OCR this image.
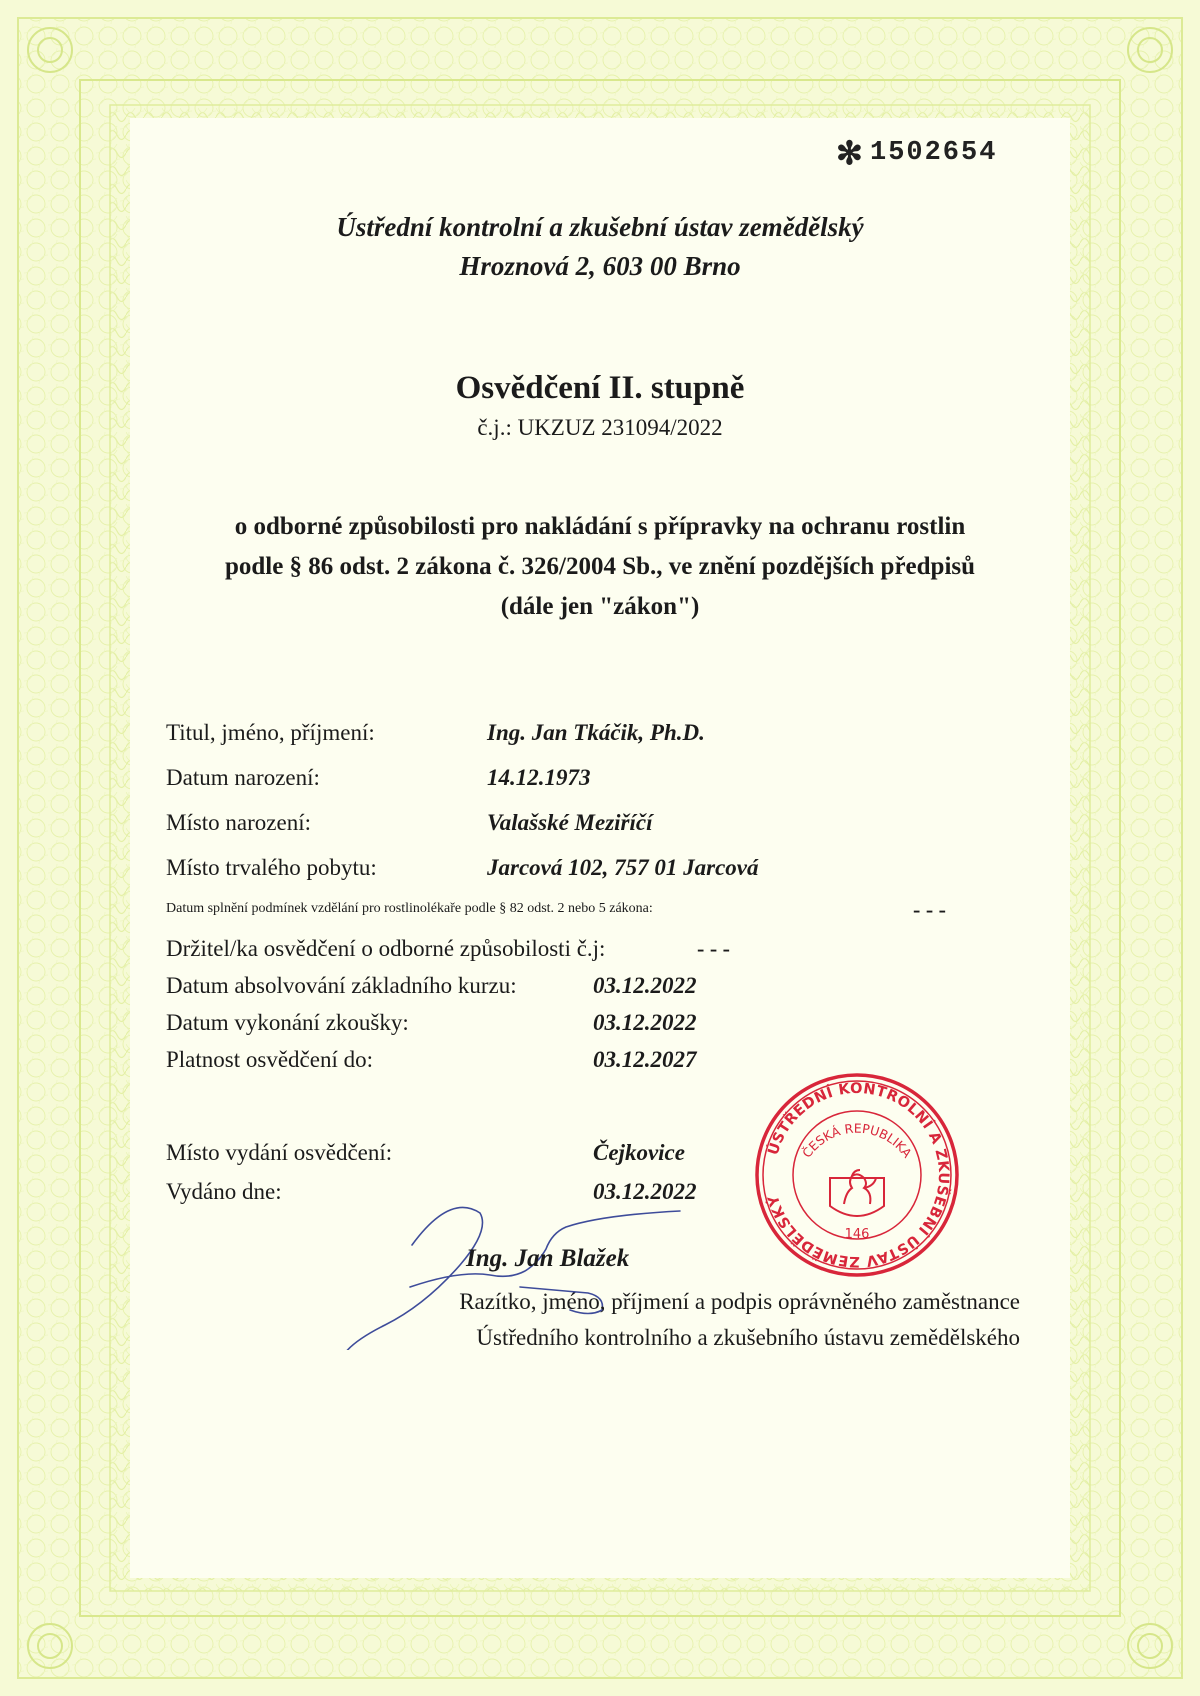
✻ 1502654
Ústřední kontrolní a zkušební ústav zemědělský
Hroznová 2, 603 00 Brno
Osvědčení II. stupně
č.j.: UKZUZ 231094/2022
o odborné způsobilosti pro nakládání s přípravky na ochranu rostlin
podle § 86 odst. 2 zákona č. 326/2004 Sb., ve znění pozdějších předpisů
(dále jen "zákon")
Titul, jméno, příjmení:	Ing. Jan Tkáčik, Ph.D.
Datum narození:	14.12.1973
Místo narození:	Valašské Meziříčí
Místo trvalého pobytu:	Jarcová 102, 757 01 Jarcová
Datum splnění podmínek vzdělání pro rostlinolékaře podle § 82 odst. 2 nebo 5 zákona:	- - -
Držitel/ka osvědčení o odborné způsobilosti č.j:	- - -
Datum absolvování základního kurzu:	03.12.2022
Datum vykonání zkoušky:	03.12.2022
Platnost osvědčení do:	03.12.2027
Místo vydání osvědčení:	Čejkovice
Vydáno dne:	03.12.2022
ÚSTŘEDNÍ KONTROLNÍ A ZKUŠEBNÍ ÚSTAV ZEMĚDĚLSKÝ
ČESKÁ REPUBLIKA
146
Ing. Jan Blažek
Razítko, jméno, příjmení a podpis oprávněného zaměstnance
Ústředního kontrolního a zkušebního ústavu zemědělského
